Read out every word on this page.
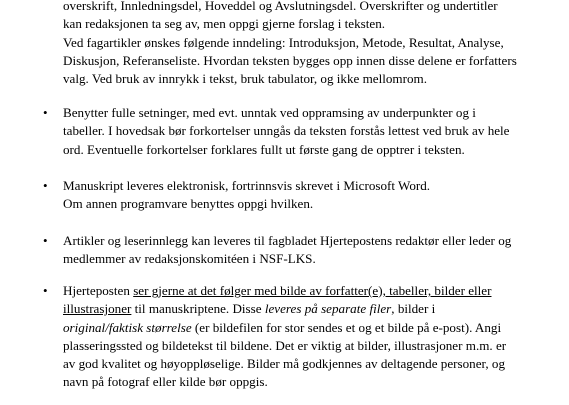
overskrift, Innledningsdel, Hoveddel og Avslutningsdel. Overskrifter og undertitler
kan redaksjonen ta seg av, men oppgi gjerne forslag i teksten.
Ved fagartikler ønskes følgende inndeling: Introduksjon, Metode, Resultat, Analyse,
Diskusjon, Referanseliste. Hvordan teksten bygges opp innen disse delene er forfatters
valg. Ved bruk av innrykk i tekst, bruk tabulator, og ikke mellomrom.
•	Benytter fulle setninger, med evt. unntak ved oppramsing av underpunkter og i
tabeller. I hovedsak bør forkortelser unngås da teksten forstås lettest ved bruk av hele
ord. Eventuelle forkortelser forklares fullt ut første gang de opptrer i teksten.
•	Manuskript leveres elektronisk, fortrinnsvis skrevet i Microsoft Word.
Om annen programvare benyttes oppgi hvilken.
•	Artikler og leserinnlegg kan leveres til fagbladet Hjertepostens redaktør eller leder og
medlemmer av redaksjonskomitéen i NSF-LKS.
•	Hjerteposten ser gjerne at det følger med bilde av forfatter(e), tabeller, bilder eller
illustrasjoner til manuskriptene. Disse leveres på separate filer, bilder i
original/faktisk størrelse (er bildefilen for stor sendes et og et bilde på e-post). Angi
plasseringssted og bildetekst til bildene. Det er viktig at bilder, illustrasjoner m.m. er
av god kvalitet og høyoppløselige. Bilder må godkjennes av deltagende personer, og
navn på fotograf eller kilde bør oppgis.
